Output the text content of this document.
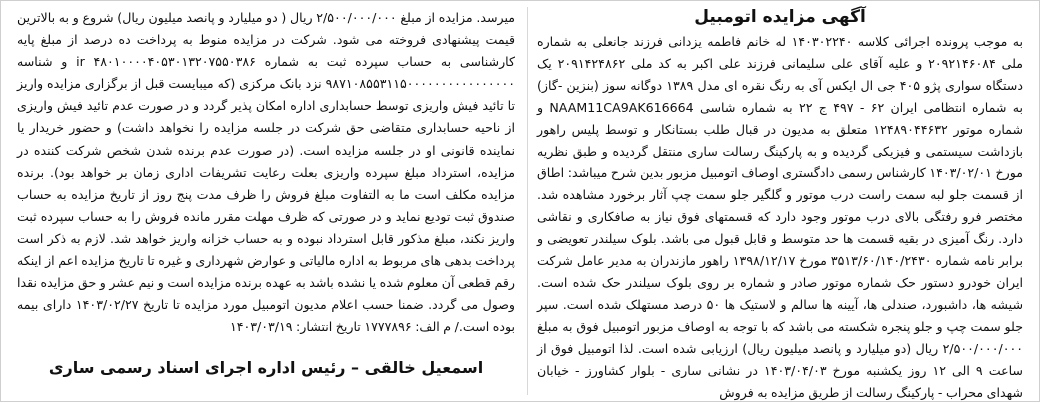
آگهی مزایده اتومبیل

به موجب پرونده اجرائی کلاسه ۱۴۰۳۰۲۲۴۰ له خانم فاطمه یزدانی فرزند جانعلی به شماره ملی ۲۰۹۲۱۴۶۰۸۴ و علیه آقای علی سلیمانی فرزند علی اکبر به کد ملی ۲۰۹۱۴۲۴۸۶۲ یک دستگاه سواری پژو ۴۰۵ جی ال ایکس آی به رنگ نقره ای مدل ۱۳۸۹ دوگانه سوز (بنزین -گاز) به شماره انتظامی ایران ۶۲ - ۴۹۷ ج ۲۲ به شماره شاسی NAAM11CA9AK616664 و شماره موتور ۱۲۴۸۹۰۴۴۶۳۲ متعلق به مدیون در قبال طلب بستانکار و توسط پلیس راهور بازداشت سیستمی و فیزیکی گردیده و به پارکینگ رسالت ساری منتقل گردیده و طبق نظریه مورخ ۱۴۰۳/۰۲/۰۱ کارشناس رسمی دادگستری اوصاف اتومبیل مزبور بدین شرح میباشد: اطاق از قسمت جلو لبه سمت راست درب موتور و گلگیر جلو سمت چپ آثار برخورد مشاهده شد. مختصر فرو رفتگی بالای درب موتور وجود دارد که قسمتهای فوق نیاز به صافکاری و نقاشی دارد. رنگ آمیزی در بقیه قسمت ها حد متوسط و قابل قبول می باشد. بلوک سیلندر تعویضی و برابر نامه شماره ۳۵۱۳/۶۰/۱۴۰/۲۴۳۰ مورخ ۱۳۹۸/۱۲/۱۷ راهور مازندران به مدیر عامل شرکت ایران خودرو دستور حک شماره موتور صادر و شماره بر روی بلوک سیلندر حک شده است. شیشه ها، داشبورد، صندلی ها، آیینه ها سالم و لاستیک ها ۵۰ درصد مستهلک شده است. سپر جلو سمت چپ و جلو پنجره شکسته می باشد که با توجه به اوصاف مزبور اتومبیل فوق به مبلغ ۲/۵۰۰/۰۰۰/۰۰۰ ریال (دو میلیارد و پانصد میلیون ریال) ارزیابی شده است. لذا اتومبیل فوق از ساعت ۹ الی ۱۲ روز یکشنبه مورخ ۱۴۰۳/۰۴/۰۳ در نشانی ساری - بلوار کشاورز - خیابان شهدای محراب - پارکینگ رسالت از طریق مزایده به فروش

میرسد. مزایده از مبلغ ۲/۵۰۰/۰۰۰/۰۰۰ ریال ( دو میلیارد و پانصد میلیون ریال) شروع و به بالاترین قیمت پیشنهادی فروخته می شود. شرکت در مزایده منوط به پرداخت ده درصد از مبلغ پایه کارشناسی به حساب سپرده ثبت به شماره ۴۸۰۱۰۰۰۰۴۰۵۳۰۱۳۲۰۷۵۵۰۳۸۶ ir و شناسه ۹۸۷۱۰۸۵۵۳۱۱۵۰۰۰۰۰۰۰۰۰۰۰۰۰۰۰۰ نزد بانک مرکزی (که میبایست قبل از برگزاری مزایده واریز تا تائید فیش واریزی توسط حسابداری اداره امکان پذیر گردد و در صورت عدم تائید فیش واریزی از ناحیه حسابداری متقاضی حق شرکت در جلسه مزایده را نخواهد داشت) و حضور خریدار یا نماینده قانونی او در جلسه مزایده است. (در صورت عدم برنده شدن شخص شرکت کننده در مزایده، استرداد مبلغ سپرده واریزی بعلت رعایت تشریفات اداری زمان بر خواهد بود). برنده مزایده مکلف است ما به التفاوت مبلغ فروش را ظرف مدت پنج روز از تاریخ مزایده به حساب صندوق ثبت تودیع نماید و در صورتی که ظرف مهلت مقرر مانده فروش را به حساب سپرده ثبت واریز نکند، مبلغ مذکور قابل استرداد نبوده و به حساب خزانه واریز خواهد شد. لازم به ذکر است پرداخت بدهی های مربوط به اداره مالیاتی و عوارض شهرداری و غیره تا تاریخ مزایده اعم از اینکه رقم قطعی آن معلوم شده یا نشده باشد به عهده برنده مزایده است و نیم عشر و حق مزایده نقدا وصول می گردد. ضمنا حسب اعلام مدیون اتومبیل مورد مزایده تا تاریخ ۱۴۰۳/۰۲/۲۷ دارای بیمه بوده است./ م الف: ۱۷۷۷۸۹۶ تاریخ انتشار: ۱۴۰۳/۰۳/۱۹

اسمعیل خالقی – رئیس اداره اجرای اسناد رسمی ساری
